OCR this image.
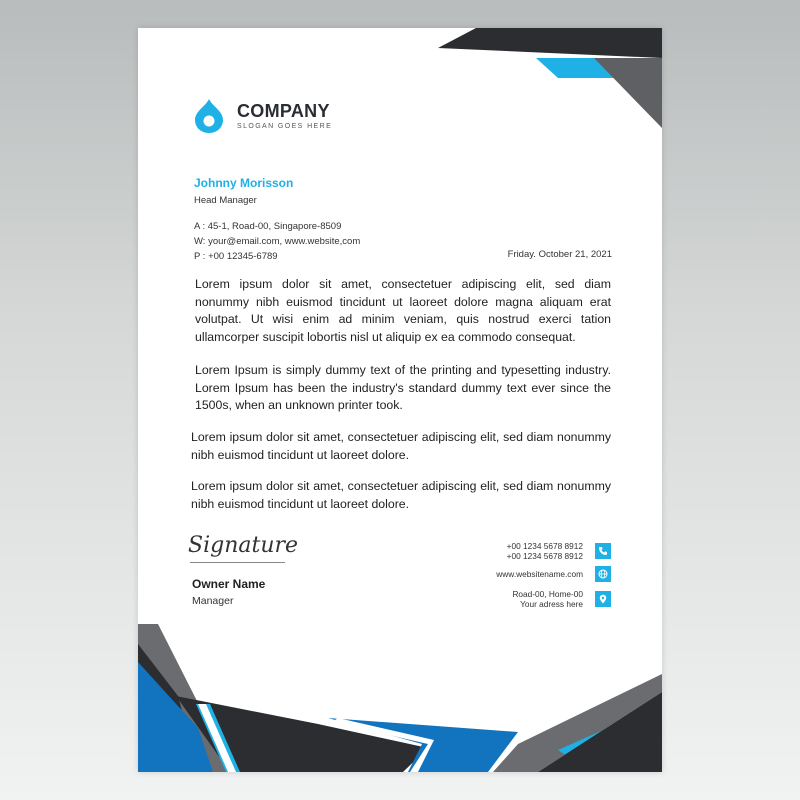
COMPANY
SLOGAN GOES HERE
Johnny Morisson
Head Manager
A : 45-1, Road-00, Singapore-8509
W: your@email.com, www.website,com
P : +00 12345-6789	Friday. October 21, 2021

Lorem ipsum dolor sit amet, consectetuer adipiscing elit, sed diam nonummy nibh euismod tincidunt ut laoreet dolore magna aliquam erat volutpat. Ut wisi enim ad minim veniam, quis nostrud exerci tation ullamcorper suscipit lobortis nisl ut aliquip ex ea commodo consequat.

Lorem Ipsum is simply dummy text of the printing and typesetting industry. Lorem Ipsum has been the industry's standard dummy text ever since the 1500s, when an unknown printer took.

Lorem ipsum dolor sit amet, consectetuer adipiscing elit, sed diam nonummy nibh euismod tincidunt ut laoreet dolore.

Lorem ipsum dolor sit amet, consectetuer adipiscing elit, sed diam nonummy nibh euismod tincidunt ut laoreet dolore.

Signature
Owner Name
Manager
+00 1234 5678 8912
+00 1234 5678 8912
www.websitename.com
Road-00, Home-00
Your adress here
